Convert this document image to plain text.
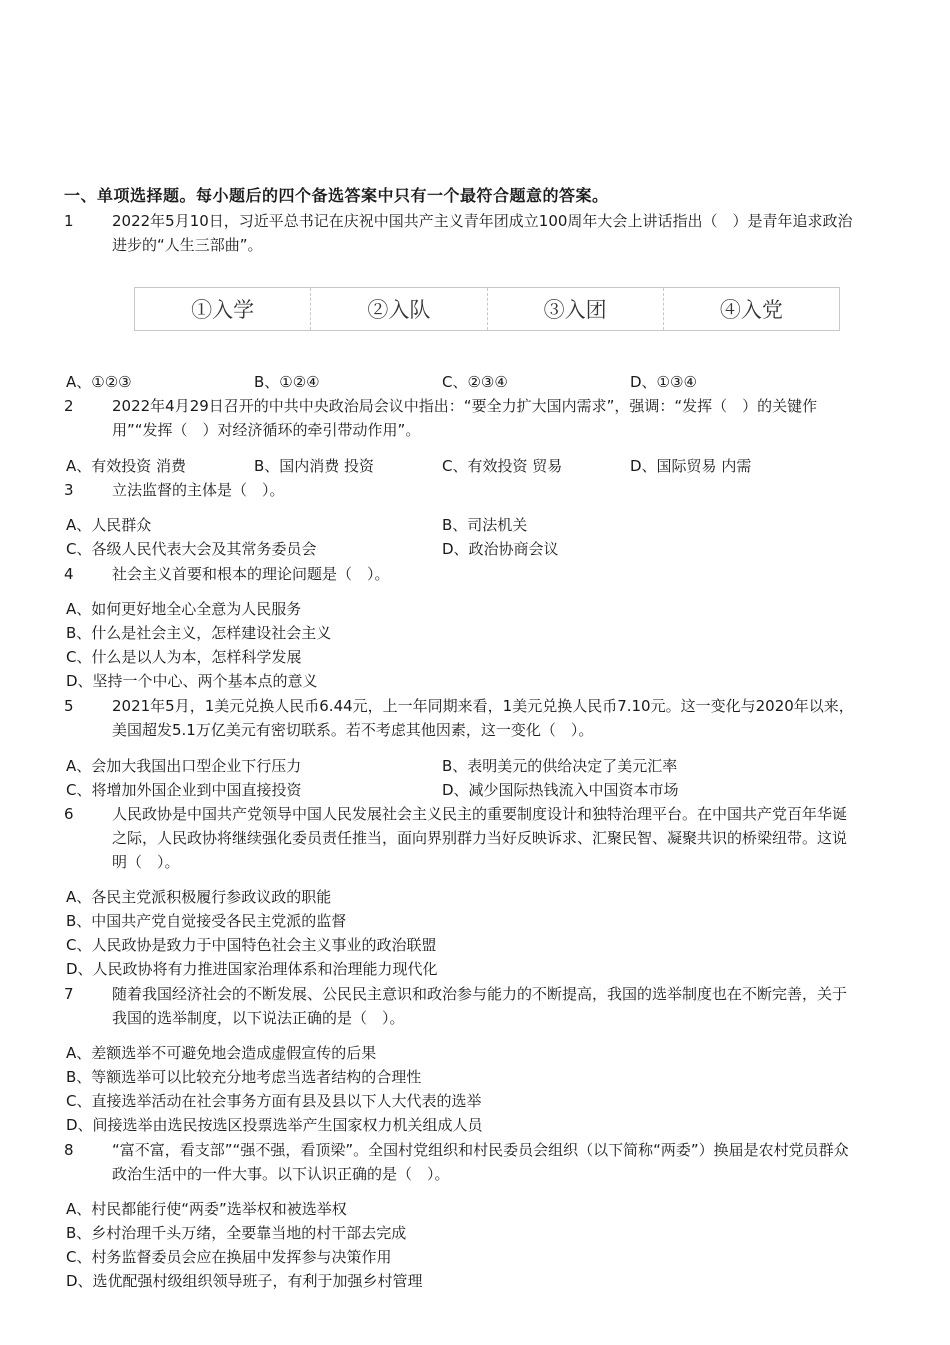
一、单项选择题。每小题后的四个备选答案中只有一个最符合题意的答案。
1	2022年5月10日，习近平总书记在庆祝中国共产主义青年团成立100周年大会上讲话指出（　）是青年追求政治进步的“人生三部曲”。
①入学	②入队	③入团	④入党
A、①②③	B、①②④	C、②③④	D、①③④
2	2022年4月29日召开的中共中央政治局会议中指出：“要全力扩大国内需求”，强调：“发挥（　）的关键作用”“发挥（　）对经济循环的牵引带动作用”。
A、有效投资 消费	B、国内消费 投资	C、有效投资 贸易	D、国际贸易 内需
3	立法监督的主体是（　）。
A、人民群众	B、司法机关
C、各级人民代表大会及其常务委员会	D、政治协商会议
4	社会主义首要和根本的理论问题是（　）。
A、如何更好地全心全意为人民服务
B、什么是社会主义，怎样建设社会主义
C、什么是以人为本，怎样科学发展
D、坚持一个中心、两个基本点的意义
5	2021年5月，1美元兑换人民币6.44元，上一年同期来看，1美元兑换人民币7.10元。这一变化与2020年以来，美国超发5.1万亿美元有密切联系。若不考虑其他因素，这一变化（　）。
A、会加大我国出口型企业下行压力	B、表明美元的供给决定了美元汇率
C、将增加外国企业到中国直接投资	D、减少国际热钱流入中国资本市场
6	人民政协是中国共产党领导中国人民发展社会主义民主的重要制度设计和独特治理平台。在中国共产党百年华诞之际，人民政协将继续强化委员责任推当，面向界别群力当好反映诉求、汇聚民智、凝聚共识的桥梁纽带。这说明（　）。
A、各民主党派积极履行参政议政的职能
B、中国共产党自觉接受各民主党派的监督
C、人民政协是致力于中国特色社会主义事业的政治联盟
D、人民政协将有力推进国家治理体系和治理能力现代化
7	随着我国经济社会的不断发展、公民民主意识和政治参与能力的不断提高，我国的选举制度也在不断完善，关于我国的选举制度，以下说法正确的是（　）。
A、差额选举不可避免地会造成虚假宣传的后果
B、等额选举可以比较充分地考虑当选者结构的合理性
C、直接选举活动在社会事务方面有县及县以下人大代表的选举
D、间接选举由选民按选区投票选举产生国家权力机关组成人员
8	“富不富，看支部”“强不强，看顶梁”。全国村党组织和村民委员会组织（以下简称“两委”）换届是农村党员群众政治生活中的一件大事。以下认识正确的是（　）。
A、村民都能行使“两委”选举权和被选举权
B、乡村治理千头万绪，全要靠当地的村干部去完成
C、村务监督委员会应在换届中发挥参与决策作用
D、选优配强村级组织领导班子，有利于加强乡村管理
